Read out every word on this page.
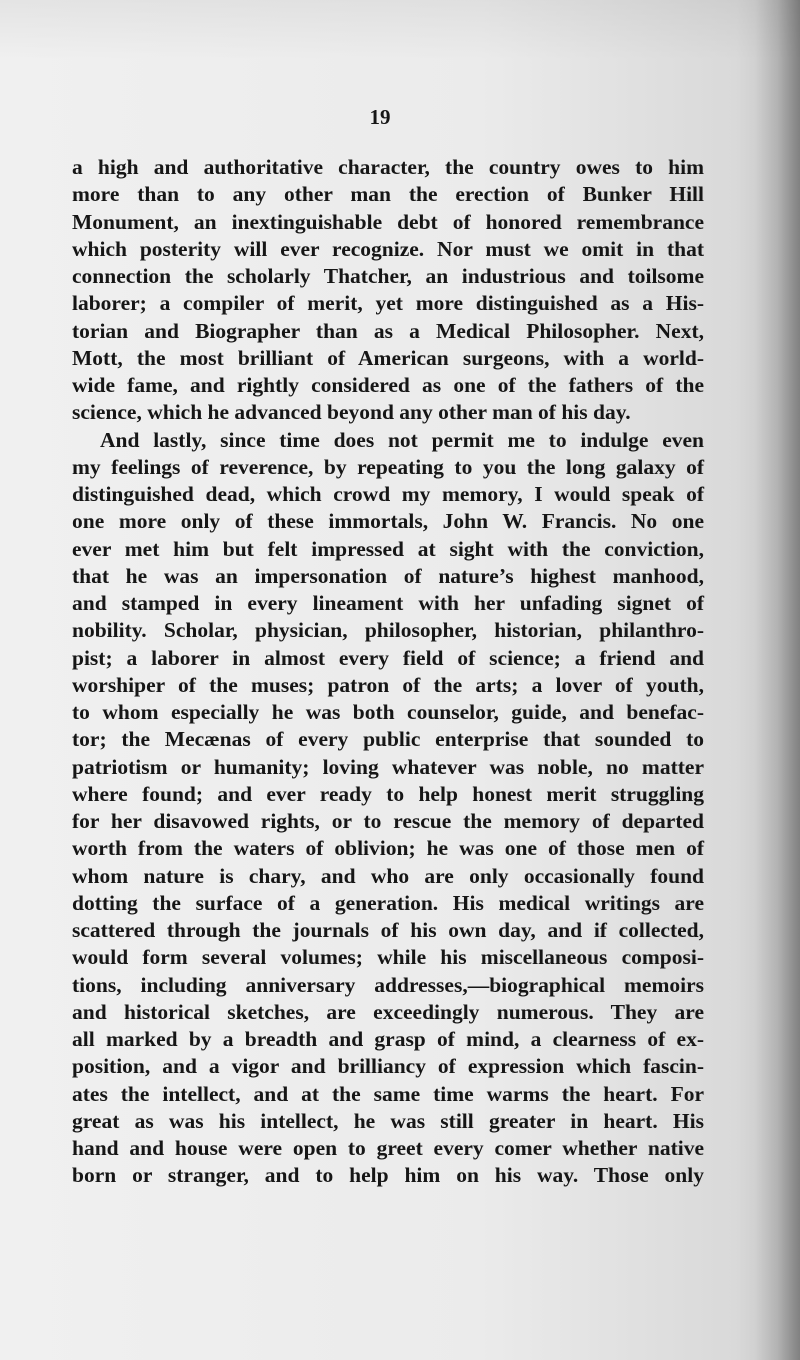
19
a high and authoritative character, the country owes to him
more than to any other man the erection of Bunker Hill
Monument, an inextinguishable debt of honored remembrance
which posterity will ever recognize. Nor must we omit in that
connection the scholarly Thatcher, an industrious and toilsome
laborer; a compiler of merit, yet more distinguished as a His-
torian and Biographer than as a Medical Philosopher. Next,
Mott, the most brilliant of American surgeons, with a world-
wide fame, and rightly considered as one of the fathers of the
science, which he advanced beyond any other man of his day.
And lastly, since time does not permit me to indulge even
my feelings of reverence, by repeating to you the long galaxy of
distinguished dead, which crowd my memory, I would speak of
one more only of these immortals, John W. Francis. No one
ever met him but felt impressed at sight with the conviction,
that he was an impersonation of nature’s highest manhood,
and stamped in every lineament with her unfading signet of
nobility. Scholar, physician, philosopher, historian, philanthro-
pist; a laborer in almost every field of science; a friend and
worshiper of the muses; patron of the arts; a lover of youth,
to whom especially he was both counselor, guide, and benefac-
tor; the Mecænas of every public enterprise that sounded to
patriotism or humanity; loving whatever was noble, no matter
where found; and ever ready to help honest merit struggling
for her disavowed rights, or to rescue the memory of departed
worth from the waters of oblivion; he was one of those men of
whom nature is chary, and who are only occasionally found
dotting the surface of a generation. His medical writings are
scattered through the journals of his own day, and if collected,
would form several volumes; while his miscellaneous composi-
tions, including anniversary addresses,—biographical memoirs
and historical sketches, are exceedingly numerous. They are
all marked by a breadth and grasp of mind, a clearness of ex-
position, and a vigor and brilliancy of expression which fascin-
ates the intellect, and at the same time warms the heart. For
great as was his intellect, he was still greater in heart. His
hand and house were open to greet every comer whether native
born or stranger, and to help him on his way. Those only
